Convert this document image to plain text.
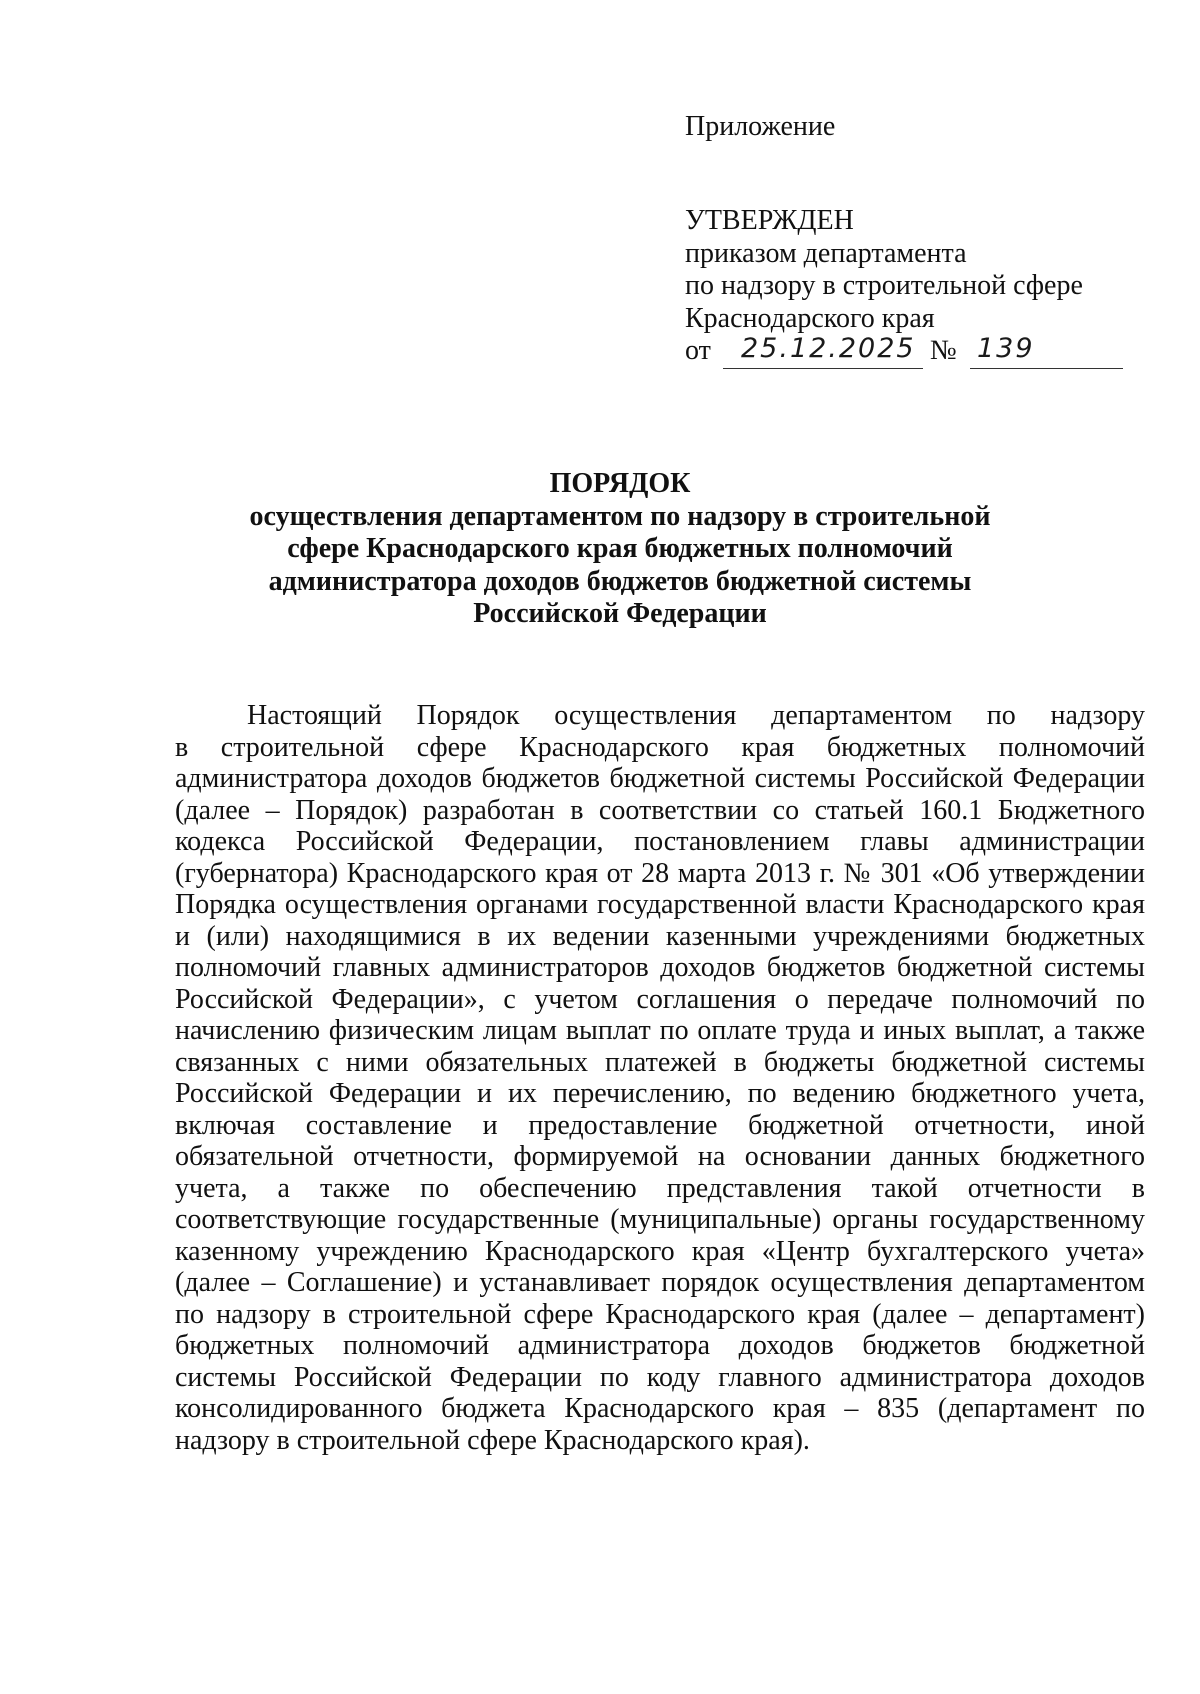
Приложение
УТВЕРЖДЕН
приказом департамента
по надзору в строительной сфере
Краснодарского края
от 25.12.2025 № 139
ПОРЯДОК
осуществления департаментом по надзору в строительной
сфере Краснодарского края бюджетных полномочий
администратора доходов бюджетов бюджетной системы
Российской Федерации
Настоящий Порядок осуществления департаментом по надзору
в строительной сфере Краснодарского края бюджетных полномочий
администратора доходов бюджетов бюджетной системы Российской Федерации
(далее – Порядок) разработан в соответствии со статьей 160.1 Бюджетного
кодекса Российской Федерации, постановлением главы администрации
(губернатора) Краснодарского края от 28 марта 2013 г. № 301 «Об утверждении
Порядка осуществления органами государственной власти Краснодарского края
и (или) находящимися в их ведении казенными учреждениями бюджетных
полномочий главных администраторов доходов бюджетов бюджетной системы
Российской Федерации», с учетом соглашения о передаче полномочий по
начислению физическим лицам выплат по оплате труда и иных выплат, а также
связанных с ними обязательных платежей в бюджеты бюджетной системы
Российской Федерации и их перечислению, по ведению бюджетного учета,
включая составление и предоставление бюджетной отчетности, иной
обязательной отчетности, формируемой на основании данных бюджетного
учета, а также по обеспечению представления такой отчетности в
соответствующие государственные (муниципальные) органы государственному
казенному учреждению Краснодарского края «Центр бухгалтерского учета»
(далее – Соглашение) и устанавливает порядок осуществления департаментом
по надзору в строительной сфере Краснодарского края (далее – департамент)
бюджетных полномочий администратора доходов бюджетов бюджетной
системы Российской Федерации по коду главного администратора доходов
консолидированного бюджета Краснодарского края – 835 (департамент по
надзору в строительной сфере Краснодарского края).
